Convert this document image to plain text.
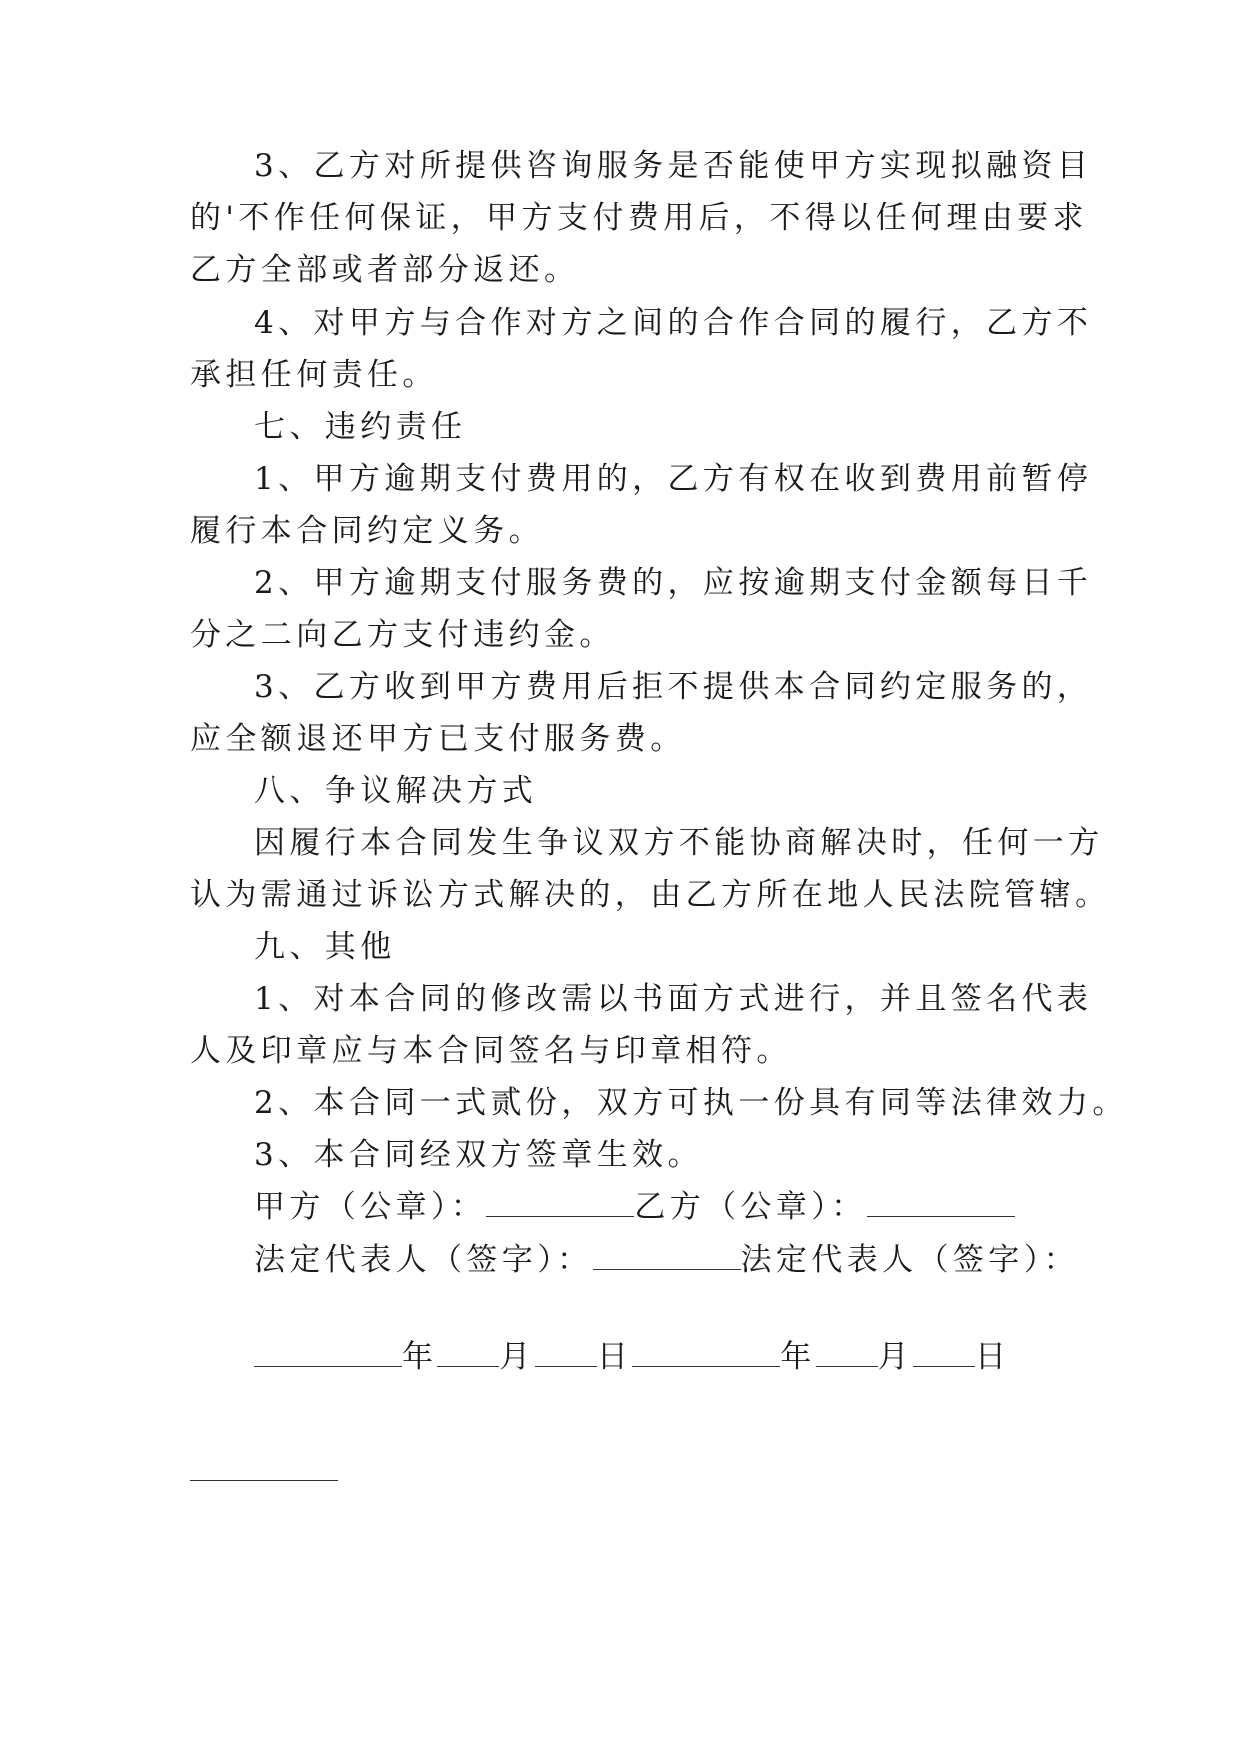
3、乙方对所提供咨询服务是否能使甲方实现拟融资目
的'不作任何保证，甲方支付费用后，不得以任何理由要求
乙方全部或者部分返还。
4、对甲方与合作对方之间的合作合同的履行，乙方不
承担任何责任。
七、违约责任
1、甲方逾期支付费用的，乙方有权在收到费用前暂停
履行本合同约定义务。
2、甲方逾期支付服务费的，应按逾期支付金额每日千
分之二向乙方支付违约金。
3、乙方收到甲方费用后拒不提供本合同约定服务的，
应全额退还甲方已支付服务费。
八、争议解决方式
因履行本合同发生争议双方不能协商解决时，任何一方
认为需通过诉讼方式解决的，由乙方所在地人民法院管辖。
九、其他
1、对本合同的修改需以书面方式进行，并且签名代表
人及印章应与本合同签名与印章相符。
2、本合同一式贰份，双方可执一份具有同等法律效力。
3、本合同经双方签章生效。
甲方（公章）：	乙方（公章）：
法定代表人（签字）：	法定代表人（签字）：
年 月 日	年 月 日
